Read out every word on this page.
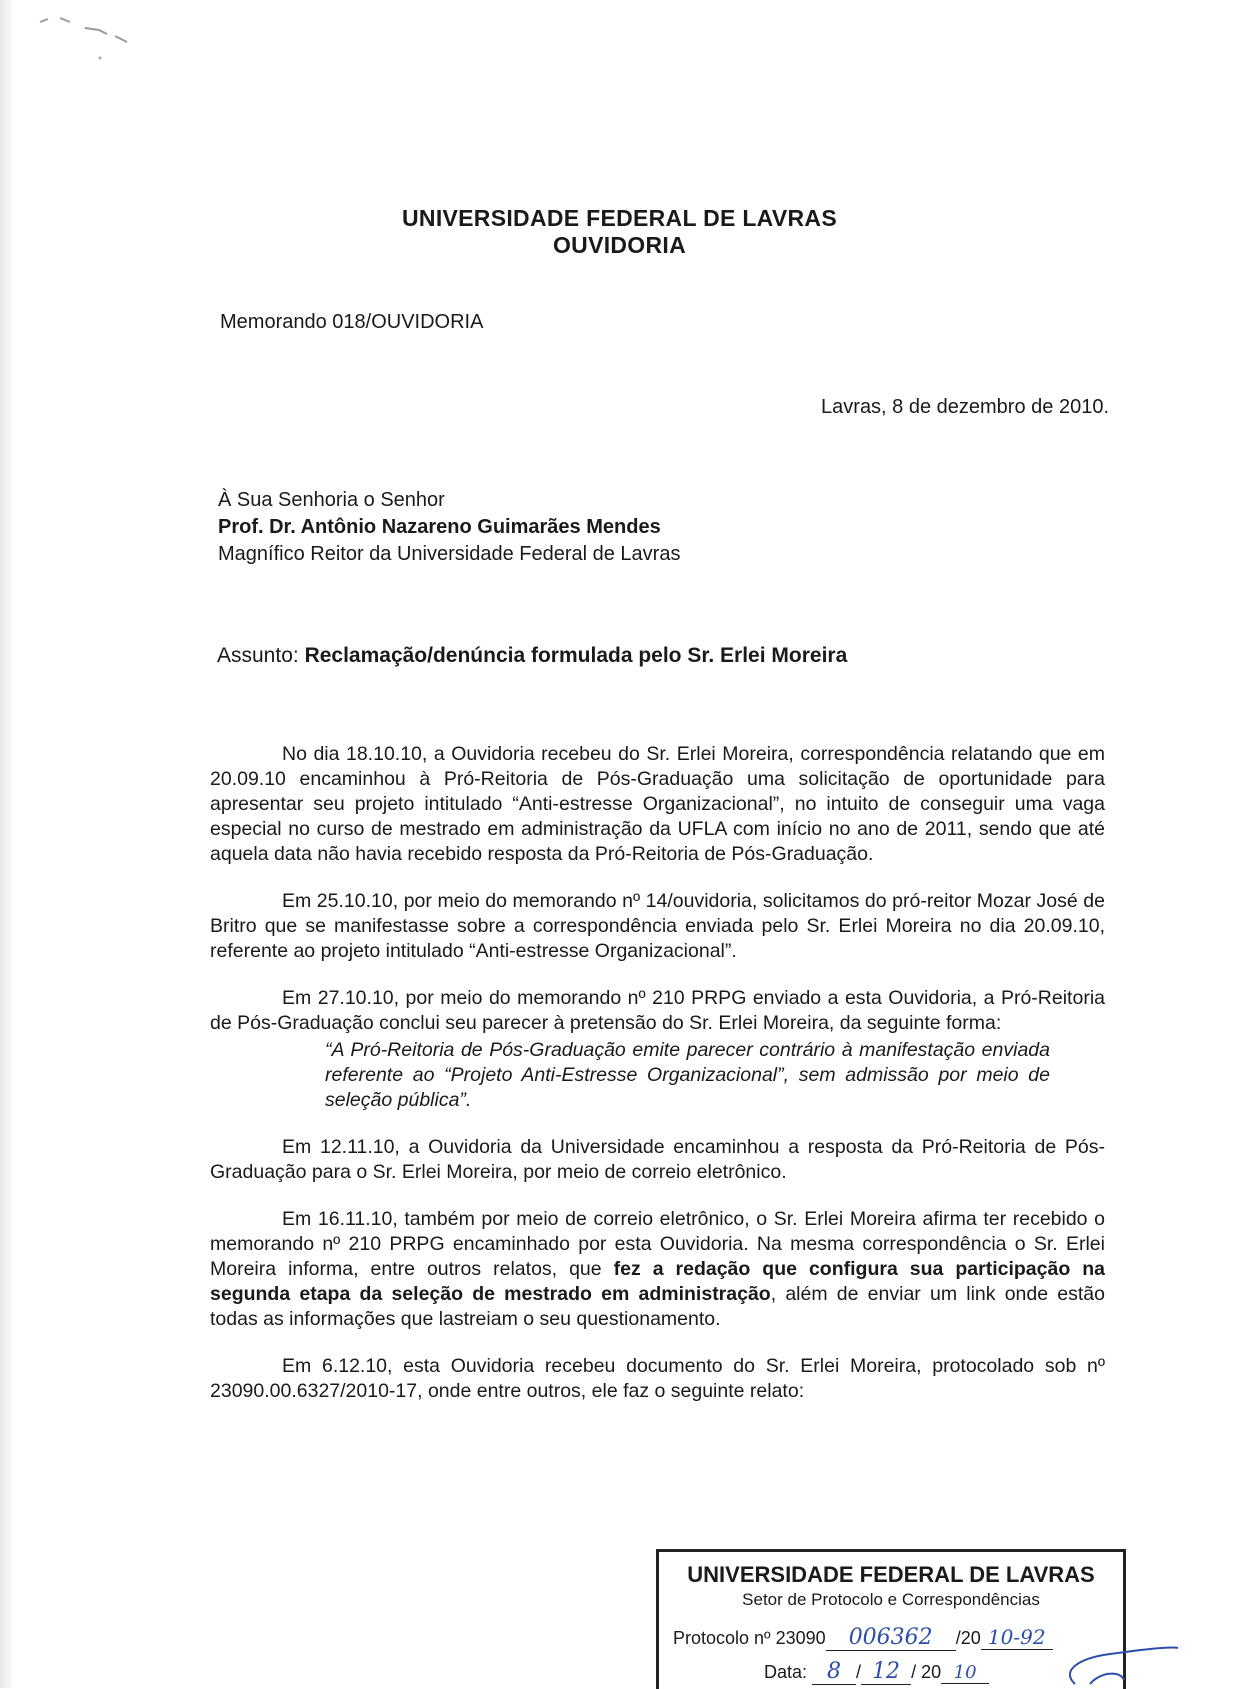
UNIVERSIDADE FEDERAL DE LAVRAS
OUVIDORIA
Memorando 018/OUVIDORIA
Lavras, 8 de dezembro de 2010.
À Sua Senhoria o Senhor
Prof. Dr. Antônio Nazareno Guimarães Mendes
Magnífico Reitor da Universidade Federal de Lavras
Assunto: Reclamação/denúncia formulada pelo Sr. Erlei Moreira

No dia 18.10.10, a Ouvidoria recebeu do Sr. Erlei Moreira, correspondência relatando que em 20.09.10 encaminhou à Pró-Reitoria de Pós-Graduação uma solicitação de oportunidade para apresentar seu projeto intitulado “Anti-estresse Organizacional”, no intuito de conseguir uma vaga especial no curso de mestrado em administração da UFLA com início no ano de 2011, sendo que até aquela data não havia recebido resposta da Pró-Reitoria de Pós-Graduação.

Em 25.10.10, por meio do memorando nº 14/ouvidoria, solicitamos do pró-reitor Mozar José de Britro que se manifestasse sobre a correspondência enviada pelo Sr. Erlei Moreira no dia 20.09.10, referente ao projeto intitulado “Anti-estresse Organizacional”.

Em 27.10.10, por meio do memorando nº 210 PRPG enviado a esta Ouvidoria, a Pró-Reitoria de Pós-Graduação conclui seu parecer à pretensão do Sr. Erlei Moreira, da seguinte forma:

“A Pró-Reitoria de Pós-Graduação emite parecer contrário à manifestação enviada referente ao “Projeto Anti-Estresse Organizacional”, sem admissão por meio de seleção pública”.

Em 12.11.10, a Ouvidoria da Universidade encaminhou a resposta da Pró-Reitoria de Pós-Graduação para o Sr. Erlei Moreira, por meio de correio eletrônico.

Em 16.11.10, também por meio de correio eletrônico, o Sr. Erlei Moreira afirma ter recebido o memorando nº 210 PRPG encaminhado por esta Ouvidoria. Na mesma correspondência o Sr. Erlei Moreira informa, entre outros relatos, que fez a redação que configura sua participação na segunda etapa da seleção de mestrado em administração, além de enviar um link onde estão todas as informações que lastreiam o seu questionamento.

Em 6.12.10, esta Ouvidoria recebeu documento do Sr. Erlei Moreira, protocolado sob nº 23090.00.6327/2010-17, onde entre outros, ele faz o seguinte relato:

UNIVERSIDADE FEDERAL DE LAVRAS
Setor de Protocolo e Correspondências
Protocolo nº 23090 006362 /20 10-92
Data: 8 / 12 / 20 10
